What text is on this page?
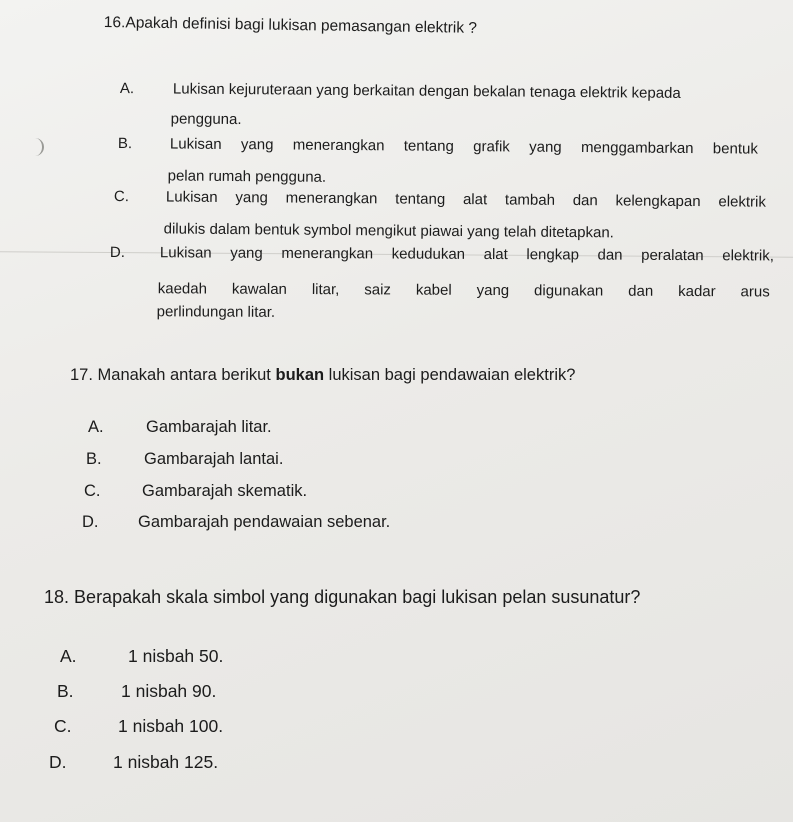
16.Apakah definisi bagi lukisan pemasangan elektrik ?
A.	Lukisan kejuruteraan yang berkaitan dengan bekalan tenaga elektrik kepada
pengguna.
B.	Lukisan yang menerangkan tentang grafik yang menggambarkan bentuk
pelan rumah pengguna.
C. Lukisan yang menerangkan tentang alat tambah dan kelengkapan elektrik
dilukis dalam bentuk symbol mengikut piawai yang telah ditetapkan.
D. Lukisan yang menerangkan kedudukan alat lengkap dan peralatan elektrik,
kaedah kawalan litar, saiz kabel yang digunakan dan kadar arus
perlindungan litar.
17. Manakah antara berikut bukan lukisan bagi pendawaian elektrik?
A.	Gambarajah litar.
B.	Gambarajah lantai.
C.	Gambarajah skematik.
D. Gambarajah pendawaian sebenar.
18. Berapakah skala simbol yang digunakan bagi lukisan pelan susunatur?
A.	1 nisbah 50.
B.	1 nisbah 90.
C.	1 nisbah 100.
D.	1 nisbah 125.
